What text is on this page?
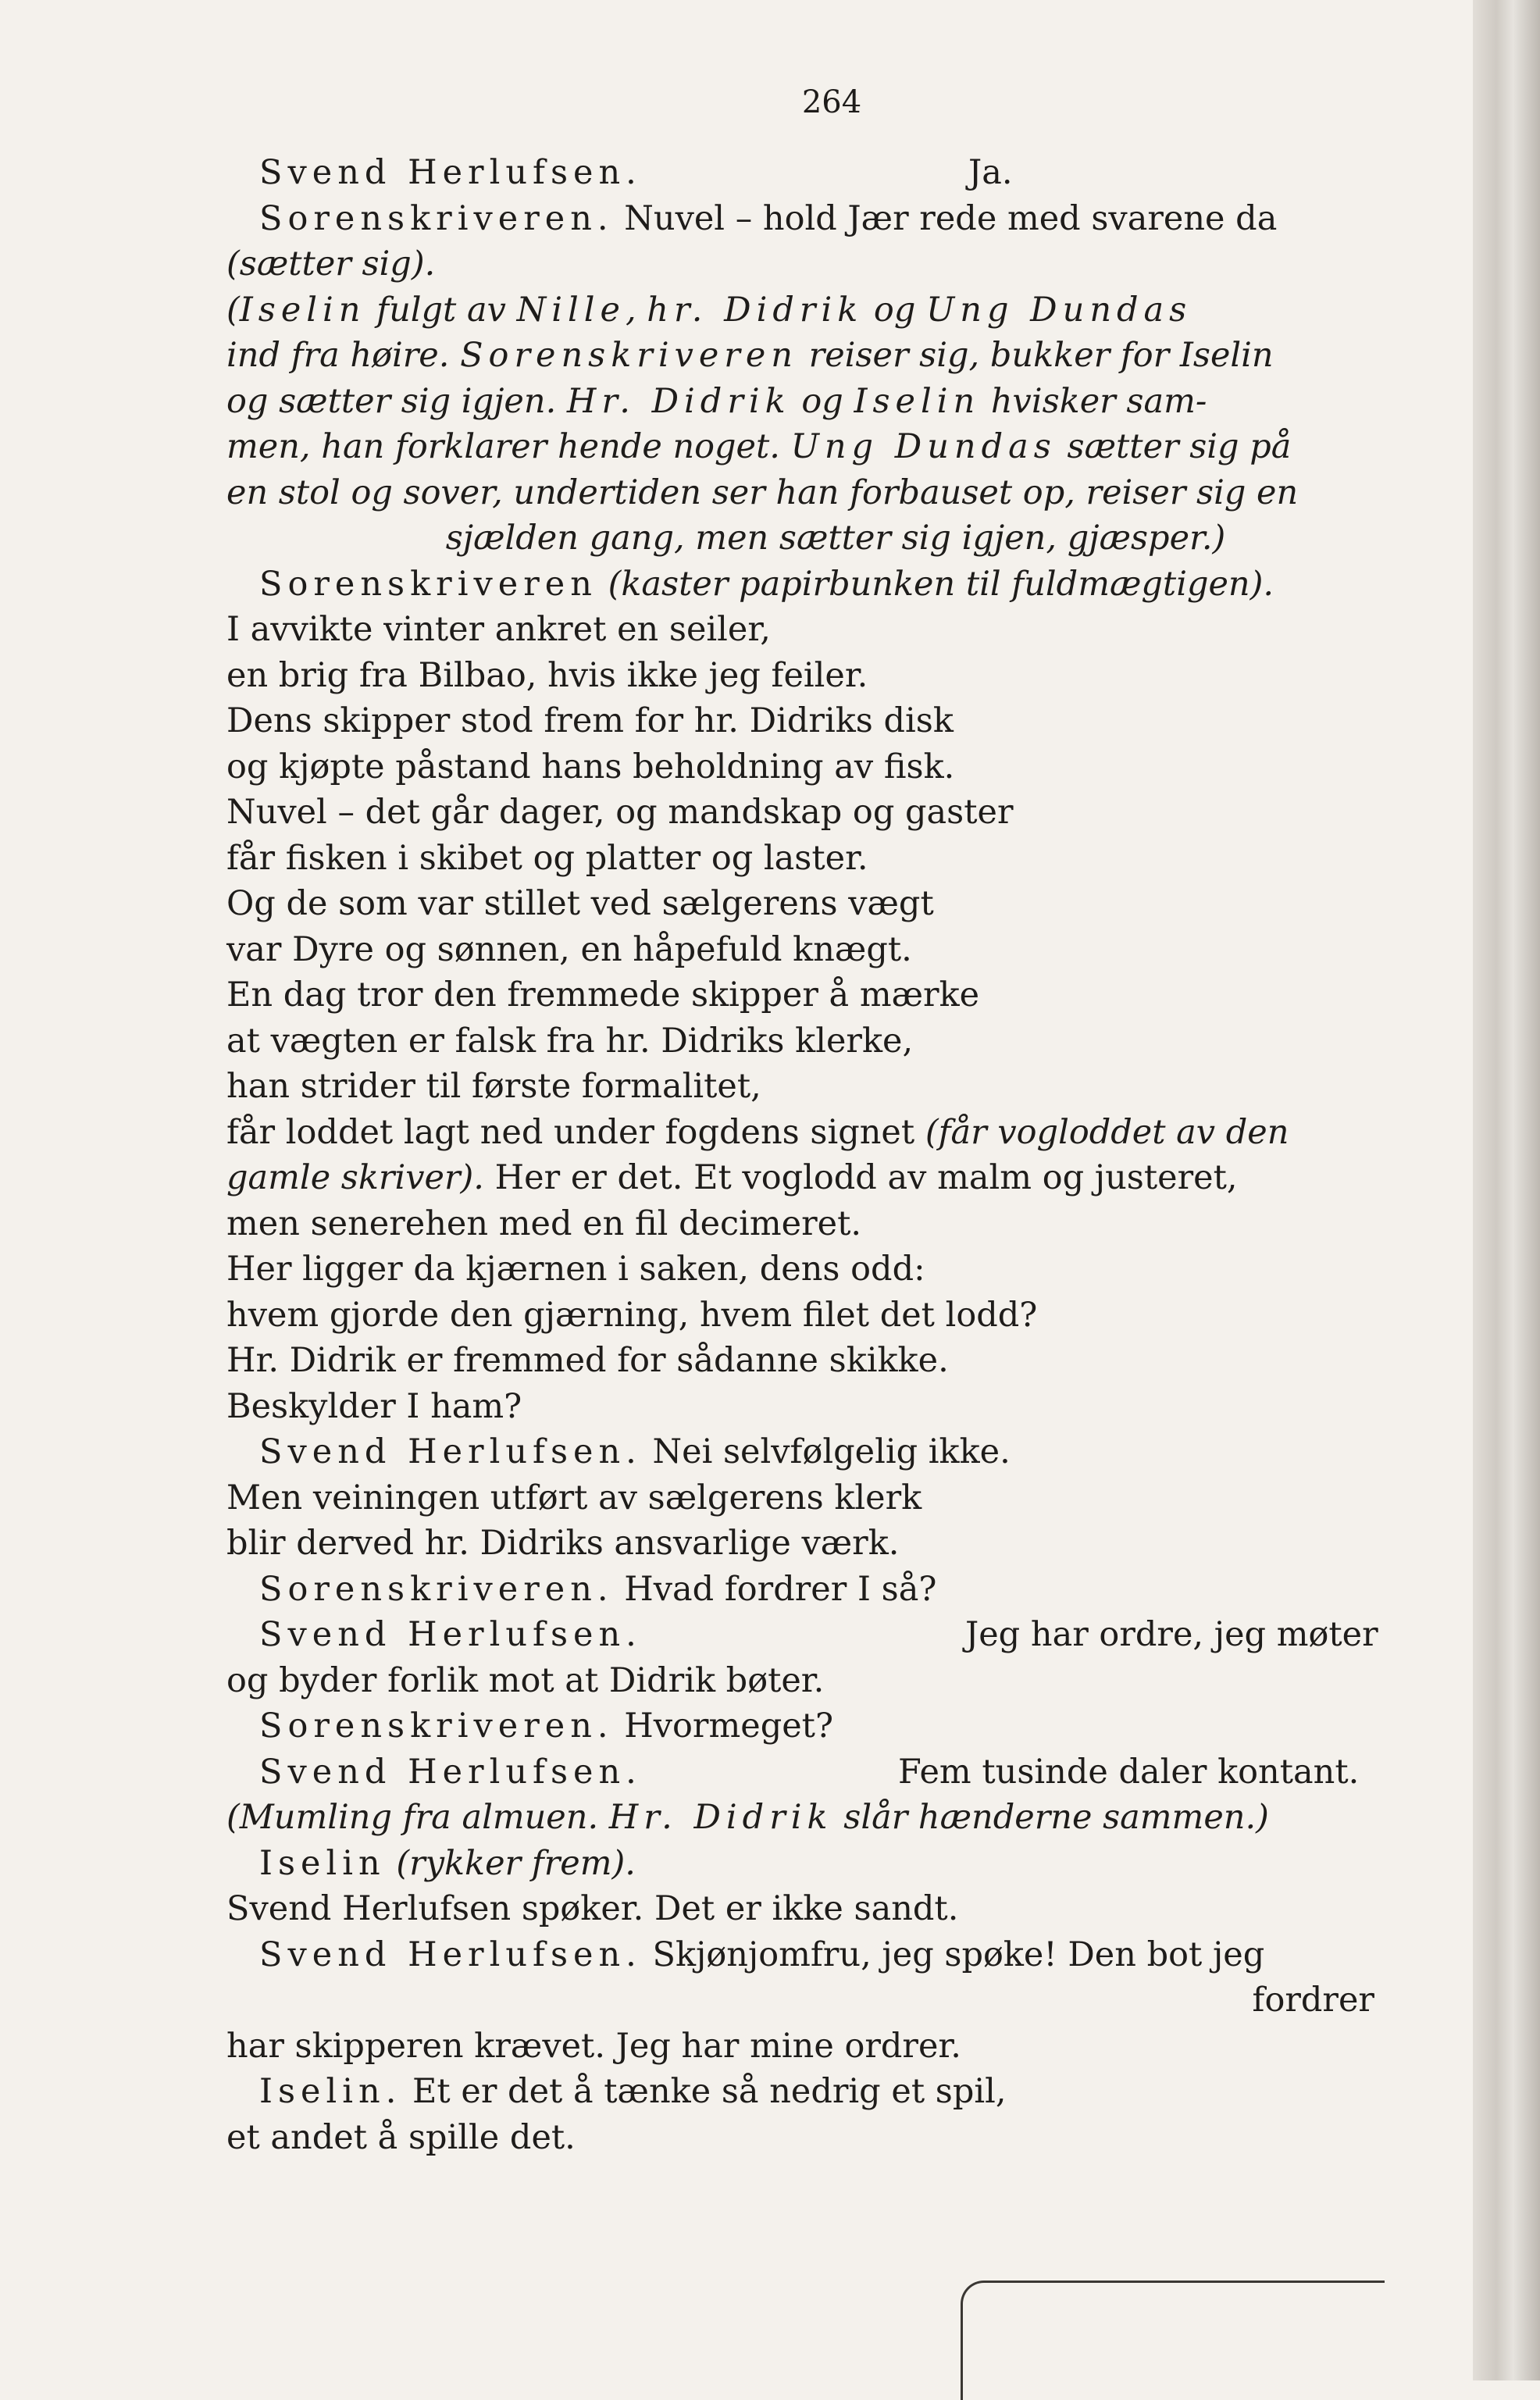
264
Svend Herlufsen.	Ja.
Sorenskriveren. Nuvel – hold Jær rede med svarene da
(sætter sig).
(Iselin fulgt av Nille, hr. Didrik og Ung Dundas
ind fra høire. Sorenskriveren reiser sig, bukker for Iselin
og sætter sig igjen. Hr. Didrik og Iselin hvisker sam-
men, han forklarer hende noget. Ung Dundas sætter sig på
en stol og sover, undertiden ser han forbauset op, reiser sig en
sjælden gang, men sætter sig igjen, gjæsper.)
Sorenskriveren (kaster papirbunken til fuldmægtigen).
I avvikte vinter ankret en seiler,
en brig fra Bilbao, hvis ikke jeg feiler.
Dens skipper stod frem for hr. Didriks disk
og kjøpte påstand hans beholdning av fisk.
Nuvel – det går dager, og mandskap og gaster
får fisken i skibet og platter og laster.
Og de som var stillet ved sælgerens vægt
var Dyre og sønnen, en håpefuld knægt.
En dag tror den fremmede skipper å mærke
at vægten er falsk fra hr. Didriks klerke,
han strider til første formalitet,
får loddet lagt ned under fogdens signet (får vogloddet av den
gamle skriver). Her er det. Et voglodd av malm og justeret,
men senerehen med en fil decimeret.
Her ligger da kjærnen i saken, dens odd:
hvem gjorde den gjærning, hvem filet det lodd?
Hr. Didrik er fremmed for sådanne skikke.
Beskylder I ham?
Svend Herlufsen. Nei selvfølgelig ikke.
Men veiningen utført av sælgerens klerk
blir derved hr. Didriks ansvarlige værk.
Sorenskriveren. Hvad fordrer I så?
Svend Herlufsen.	Jeg har ordre, jeg møter
og byder forlik mot at Didrik bøter.
Sorenskriveren. Hvormeget?
Svend Herlufsen.	Fem tusinde daler kontant.
(Mumling fra almuen. Hr. Didrik slår hænderne sammen.)
Iselin (rykker frem).
Svend Herlufsen spøker. Det er ikke sandt.
Svend Herlufsen. Skjønjomfru, jeg spøke! Den bot jeg
fordrer
har skipperen krævet. Jeg har mine ordrer.
Iselin. Et er det å tænke så nedrig et spil,
et andet å spille det.
